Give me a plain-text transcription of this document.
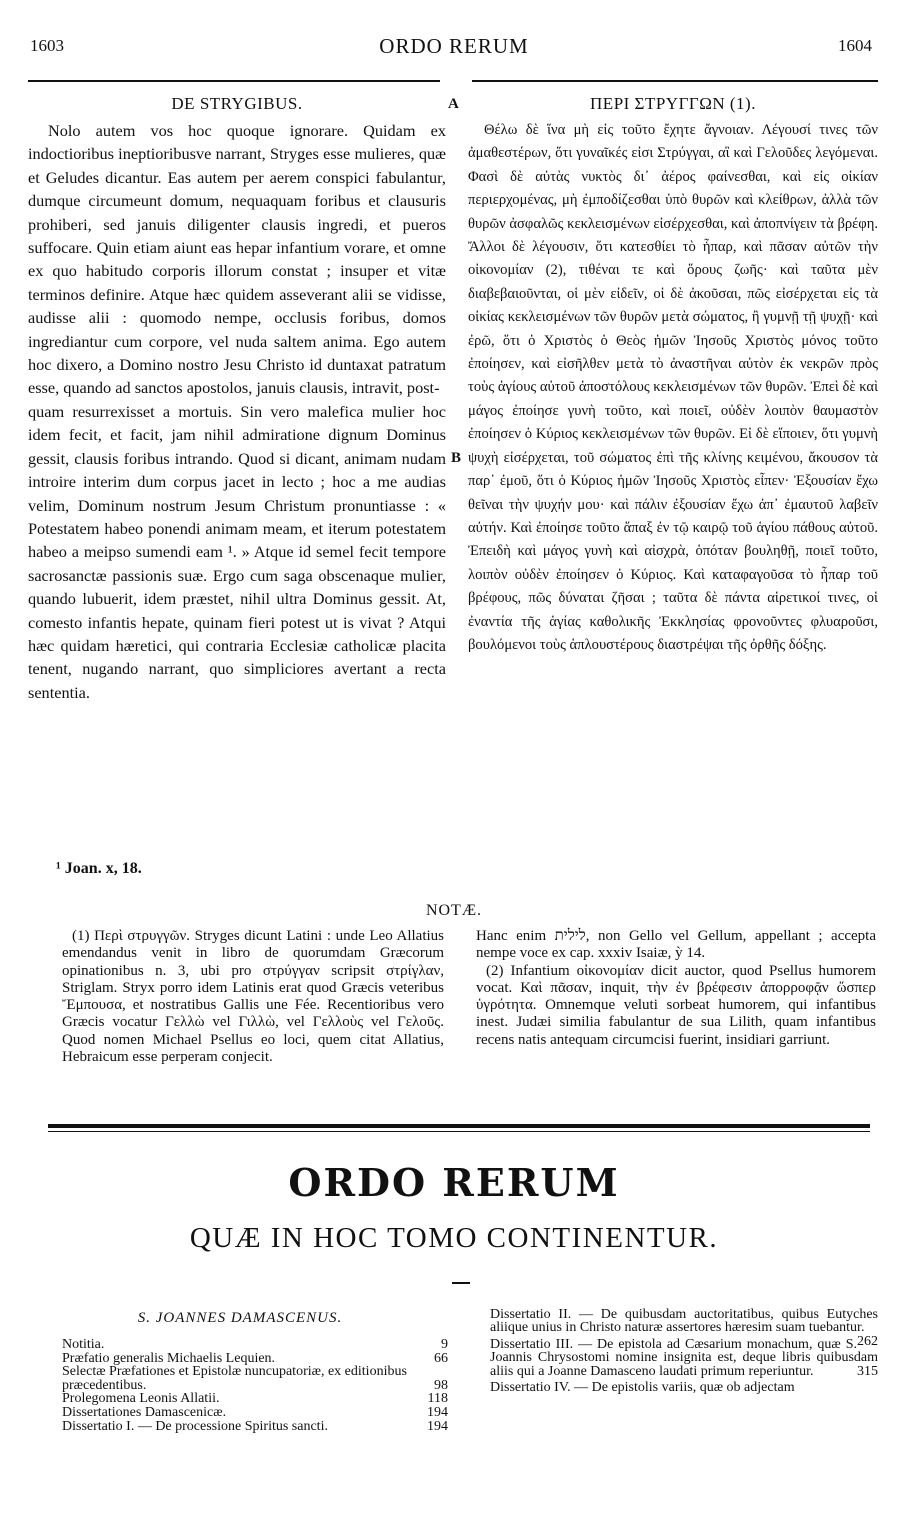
1603	ORDO RERUM	1604
DE STRYGIBUS.	A	ΠΕΡΙ ΣΤΡΥΓΓΩΝ (1).

Nolo autem vos hoc quoque ignorare. Quidam ex indoctioribus ineptioribusve narrant, Stryges esse mulieres, quæ et Geludes dicantur. Eas autem per aerem conspici fabulantur, dumque circumeunt domum, nequaquam foribus et clausuris prohiberi, sed januis diligenter clausis ingredi, et pueros suffocare. Quin etiam aiunt eas hepar infantium vorare, et omne ex quo habitudo corporis illorum constat ; insuper et vitæ terminos definire. Atque hæc quidem asseverant alii se vidisse, audisse alii : quomodo nempe, occlusis foribus, domos ingrediantur cum corpore, vel nuda saltem anima. Ego autem hoc dixero, a Domino nostro Jesu Christo id duntaxat patratum esse, quando ad sanctos apostolos, januis clausis, intravit, post-

quam resurrexisset a mortuis. Sin vero malefica mulier hoc idem fecit, et facit, jam nihil admiratione dignum Dominus gessit, clausis foribus intrando. Quod si dicant, animam nudam introire interim dum corpus jacet in lecto ; hoc a me audias velim, Dominum nostrum Jesum Christum pronuntiasse : « Potestatem habeo ponendi animam meam, et iterum potestatem habeo a meipso sumendi eam ¹. » Atque id semel fecit tempore sacrosanctæ passionis suæ. Ergo cum saga obscenaque mulier, quando lubuerit, idem præstet, nihil ultra Dominus gessit. At, comesto infantis hepate, quinam fieri potest ut is vivat ? Atqui hæc quidam hæretici, qui contraria Ecclesiæ catholicæ placita tenent, nugando narrant, quo simpliciores avertant a recta sententia.

B

Θέλω δὲ ἵνα μὴ εἰς τοῦτο ἔχητε ἄγνοιαν. Λέγουσί τινες τῶν ἀμαθεστέρων, ὅτι γυναῖκές εἰσι Στρύγγαι, αἳ καὶ Γελοῦδες λεγόμεναι. Φασὶ δὲ αὐτὰς νυκτὸς δι᾽ ἀέρος φαίνεσθαι, καὶ εἰς οἰκίαν περιερχομένας, μὴ ἐμποδίζεσθαι ὑπὸ θυρῶν καὶ κλείθρων, ἀλλὰ τῶν θυρῶν ἀσφαλῶς κεκλεισμένων εἰσέρχεσθαι, καὶ ἀποπνίγειν τὰ βρέφη. Ἄλλοι δὲ λέγουσιν, ὅτι κατεσθίει τὸ ἧπαρ, καὶ πᾶσαν αὐτῶν τὴν οἰκονομίαν (2), τιθέναι τε καὶ ὅρους ζωῆς· καὶ ταῦτα μὲν διαβεβαιοῦνται, οἱ μὲν εἰδεῖν, οἱ δὲ ἀκοῦσαι, πῶς εἰσέρχεται εἰς τὰ οἰκίας κεκλεισμένων τῶν θυρῶν μετὰ σώματος, ἢ γυμνῇ τῇ ψυχῇ· καὶ ἐρῶ, ὅτι ὁ Χριστὸς ὁ Θεὸς ἡμῶν Ἰησοῦς Χριστὸς μόνος τοῦτο ἐποίησεν, καὶ εἰσῆλθεν μετὰ τὸ ἀναστῆναι αὐτὸν ἐκ νεκρῶν πρὸς τοὺς ἁγίους αὐτοῦ ἀποστόλους κεκλεισμένων τῶν θυρῶν. Ἐπεὶ δὲ καὶ μάγος ἐποίησε γυνὴ τοῦτο, καὶ ποιεῖ, οὐδὲν λοιπὸν θαυμαστὸν ἐποίησεν ὁ Κύριος κεκλεισμένων τῶν θυρῶν. Εἰ δὲ εἴποιεν, ὅτι γυμνὴ ψυχὴ εἰσέρχεται, τοῦ σώματος ἐπὶ τῆς κλίνης κειμένου, ἄκουσον τὰ παρ᾽ ἐμοῦ, ὅτι ὁ Κύριος ἡμῶν Ἰησοῦς Χριστὸς εἶπεν· Ἐξουσίαν ἔχω θεῖναι τὴν ψυχήν μου· καὶ πάλιν ἐξουσίαν ἔχω ἀπ᾽ ἐμαυτοῦ λαβεῖν αὐτήν. Καὶ ἐποίησε τοῦτο ἅπαξ ἐν τῷ καιρῷ τοῦ ἁγίου πάθους αὐτοῦ. Ἐπειδὴ καὶ μάγος γυνὴ καὶ αἰσχρὰ, ὁπόταν βουληθῇ, ποιεῖ τοῦτο, λοιπὸν οὐδὲν ἐποίησεν ὁ Κύριος. Καὶ καταφαγοῦσα τὸ ἧπαρ τοῦ βρέφους, πῶς δύναται ζῆσαι ; ταῦτα δὲ πάντα αἱρετικοί τινες, οἱ ἐναντία τῆς ἁγίας καθολικῆς Ἐκκλησίας φρονοῦντες φλυαροῦσι, βουλόμενοι τοὺς ἁπλουστέρους διαστρέψαι τῆς ὀρθῆς δόξης.

¹ Joan. x, 18.
NOTÆ.

(1) Περὶ στρυγγῶν. Stryges dicunt Latini : unde Leo Allatius emendandus venit in libro de quorumdam Græcorum opinationibus n. 3, ubi pro στρύγγαν scripsit στρίγλαν, Striglam. Stryx porro idem Latinis erat quod Græcis veteribus Ἔμπουσα, et nostratibus Gallis une Fée. Recentioribus vero Græcis vocatur Γελλὼ vel Γιλλὼ, vel Γελλοὺς vel Γελοῦς. Quod nomen Michael Psellus eo loci, quem citat Allatius, Hebraicum esse perperam conjecit.

Hanc enim לילית, non Gello vel Gellum, appellant ; accepta nempe voce ex cap. xxxiv Isaiæ, ỳ 14.

(2) Infantium οἰκονομίαν dicit auctor, quod Psellus humorem vocat. Καὶ πᾶσαν, inquit, τὴν ἐν βρέφεσιν ἀπορροφᾷν ὥσπερ ὑγρότητα. Omnemque veluti sorbeat humorem, qui infantibus inest. Judæi similia fabulantur de sua Lilith, quam infantibus recens natis antequam circumcisi fuerint, insidiari garriunt.

ORDO RERUM
QUÆ IN HOC TOMO CONTINENTUR.
S. JOANNES DAMASCENUS.
Notitia.	9
Præfatio generalis Michaelis Lequien.	66
Selectæ Præfationes et Epistolæ nuncupatoriæ, ex editionibus præcedentibus.	98
Prolegomena Leonis Allatii.	118
Dissertationes Damascenicæ.	194
Dissertatio I. — De processione Spiritus sancti.	194
Dissertatio II. — De quibusdam auctoritatibus, quibus Eutyches aliique unius in Christo naturæ assertores hæresim suam tuebantur.
262
Dissertatio III. — De epistola ad Cæsarium monachum, quæ S. Joannis Chrysostomi nomine insignita est, deque libris quibusdam aliis qui a Joanne Damasceno laudati primum reperiuntur.	315
Dissertatio IV. — De epistolis variis, quæ ob adjectam
